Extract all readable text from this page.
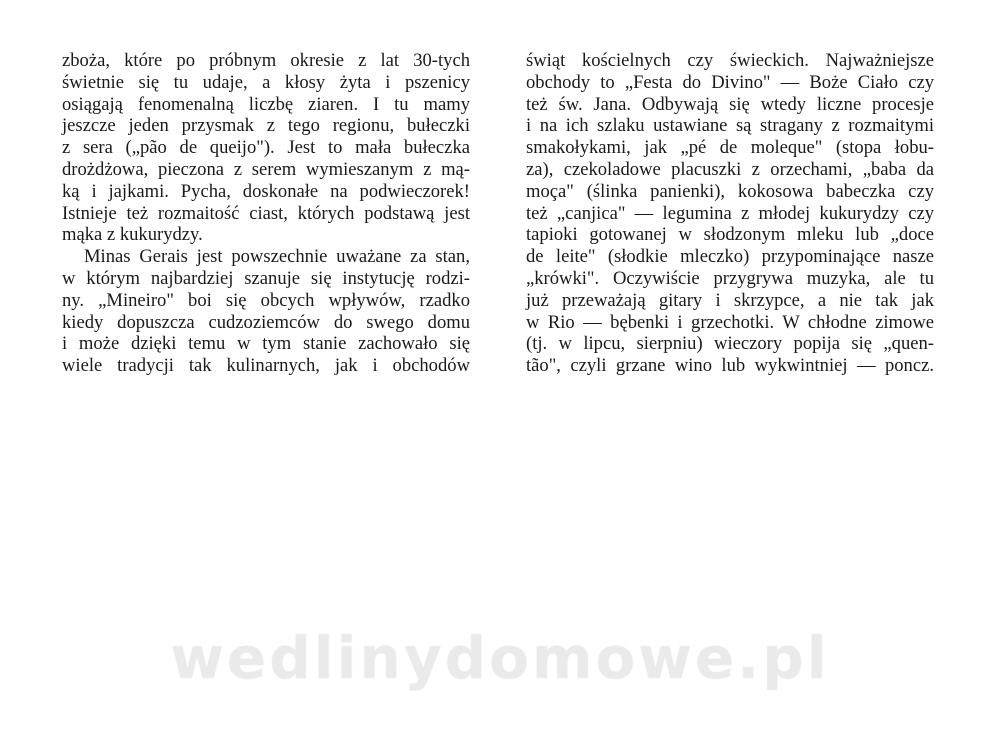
zboża, które po próbnym okresie z lat 30-tych
świetnie się tu udaje, a kłosy żyta i pszenicy
osiągają fenomenalną liczbę ziaren. I tu mamy
jeszcze jeden przysmak z tego regionu, bułeczki
z sera („pão de queijo"). Jest to mała bułeczka
drożdżowa, pieczona z serem wymieszanym z mą-
ką i jajkami. Pycha, doskonałe na podwieczorek!
Istnieje też rozmaitość ciast, których podstawą jest
mąka z kukurydzy.
Minas Gerais jest powszechnie uważane za stan,
w którym najbardziej szanuje się instytucję rodzi-
ny. „Mineiro" boi się obcych wpływów, rzadko
kiedy dopuszcza cudzoziemców do swego domu
i może dzięki temu w tym stanie zachowało się
wiele tradycji tak kulinarnych, jak i obchodów
świąt kościelnych czy świeckich. Najważniejsze
obchody to „Festa do Divino" — Boże Ciało czy
też św. Jana. Odbywają się wtedy liczne procesje
i na ich szlaku ustawiane są stragany z rozmaitymi
smakołykami, jak „pé de moleque" (stopa łobu-
za), czekoladowe placuszki z orzechami, „baba da
moça" (ślinka panienki), kokosowa babeczka czy
też „canjica" — legumina z młodej kukurydzy czy
tapioki gotowanej w słodzonym mleku lub „doce
de leite" (słodkie mleczko) przypominające nasze
„krówki". Oczywiście przygrywa muzyka, ale tu
już przeważają gitary i skrzypce, a nie tak jak
w Rio — bębenki i grzechotki. W chłodne zimowe
(tj. w lipcu, sierpniu) wieczory popija się „quen-
tão", czyli grzane wino lub wykwintniej — poncz.
wedlinydomowe.pl
